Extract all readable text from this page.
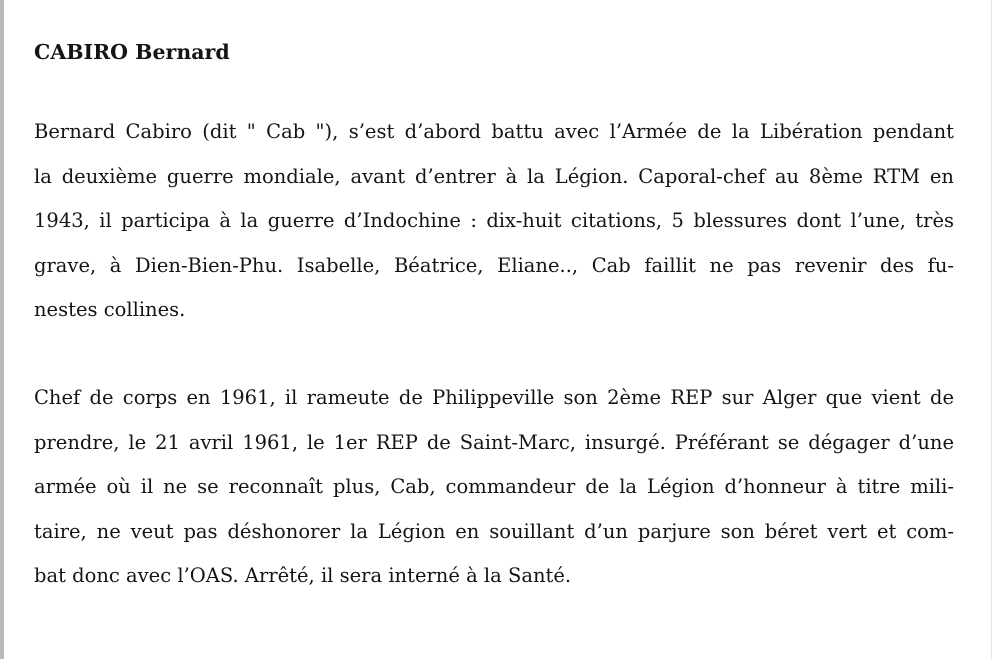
CABIRO Bernard

Bernard Cabiro (dit " Cab "), s’est d’abord battu avec l’Armée de la Libération pendant
la deuxième guerre mondiale, avant d’entrer à la Légion. Caporal-chef au 8ème RTM en
1943, il participa à la guerre d’Indochine : dix-huit citations, 5 blessures dont l’une, très
grave, à Dien-Bien-Phu. Isabelle, Béatrice, Eliane.., Cab faillit ne pas revenir des fu-
nestes collines.

Chef de corps en 1961, il rameute de Philippeville son 2ème REP sur Alger que vient de
prendre, le 21 avril 1961, le 1er REP de Saint-Marc, insurgé. Préférant se dégager d’une
armée où il ne se reconnaît plus, Cab, commandeur de la Légion d’honneur à titre mili-
taire, ne veut pas déshonorer la Légion en souillant d’un parjure son béret vert et com-
bat donc avec l’OAS. Arrêté, il sera interné à la Santé.
